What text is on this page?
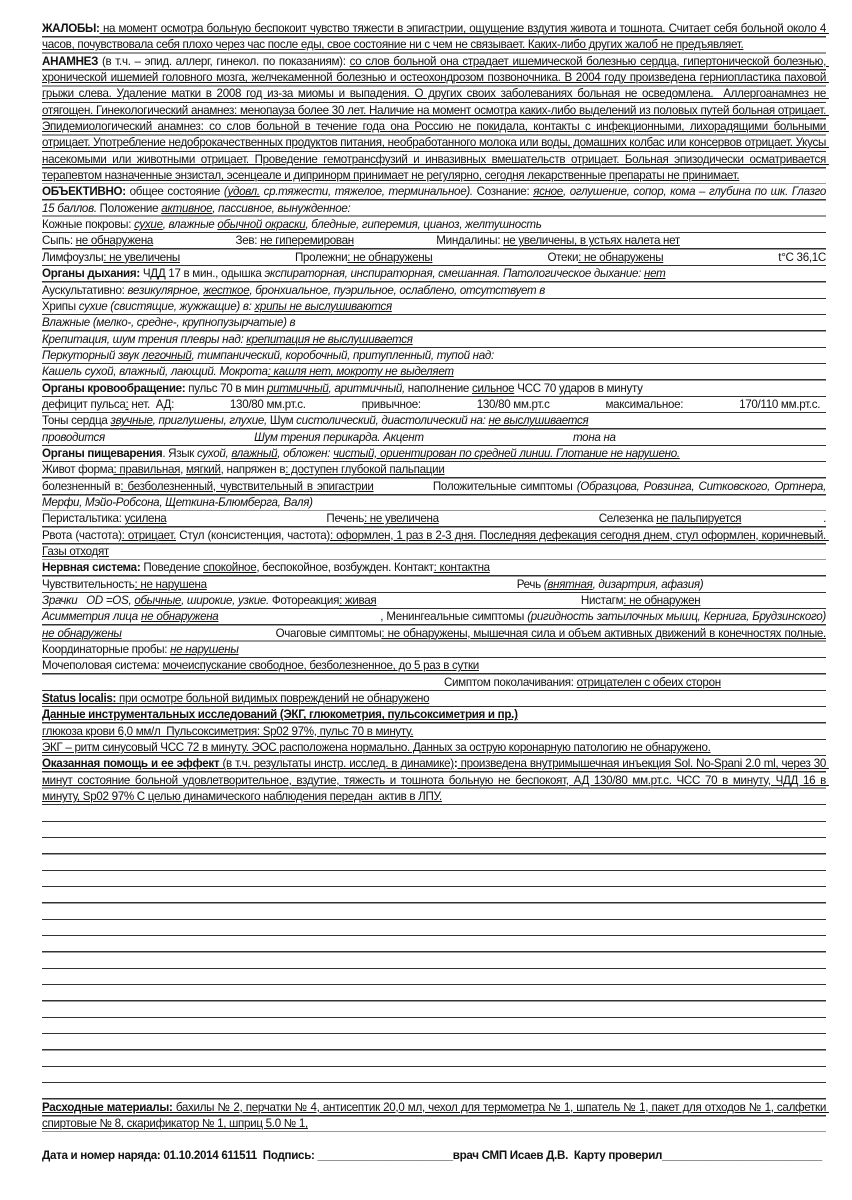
ЖАЛОБЫ: на момент осмотра больную беспокоит чувство тяжести в эпигастрии, ощущение вздутия живота и тошнота. Считает себя больной около 4 часов, почувствовала себя плохо через час после еды, свое состояние ни с чем не связывает. Каких-либо других жалоб не предъявляет.
АНАМНЕЗ (в т.ч. – эпид. аллерг, гинекол. по показаниям): со слов больной она страдает ишемической болезнью сердца, гипертонической болезнью, хронической ишемией головного мозга, желчекаменной болезнью и остеохондрозом позвоночника. В 2004 году произведена герниопластика паховой грыжи слева. Удаление матки в 2008 год из-за миомы и выпадения. О других своих заболеваниях больная не осведомлена.  Аллергоанамнез не отягощен. Гинекологический анамнез: менопауза более 30 лет. Наличие на момент осмотра каких-либо выделений из половых путей больная отрицает. Эпидемиологический анамнез: со слов больной в течение года она Россию не покидала, контакты с инфекционными, лихорадящими больными отрицает. Употребление недоброкачественных продуктов питания, необработанного молока или воды, домашних колбас или консервов отрицает. Укусы насекомыми или животными отрицает. Проведение гемотрансфузий и инвазивных вмешательств отрицает. Больная эпизодически осматривается терапевтом назначенные энзистал, эсенцеале и дипринорм принимает не регулярно, сегодня лекарственные препараты не принимает.
ОБЪЕКТИВНО: общее состояние (удовл. ср.тяжести, тяжелое, терминальное). Сознание: ясное, оглушение, сопор, кома – глубина по шк. Глазго 15 баллов. Положение активное, пассивное, вынужденное:
Кожные покровы: сухие, влажные обычной окраски, бледные, гиперемия, цианоз, желтушность
Сыпь: не обнаружена	Зев: не гиперемирован	Миндалины: не увеличены, в устьях налета нет
Лимфоузлы: не увеличены	Пролежни: не обнаружены	Отеки: не обнаружены	t°C 36,1C
Органы дыхания: ЧДД 17 в мин., одышка экспираторная, инспираторная, смешанная. Патологическое дыхание: нет
Аускультативно: везикулярное, жесткое, бронхиальное, пуэрильное, ослаблено, отсутствует в
Хрипы сухие (свистящие, жужжащие) в: хрипы не выслушиваются
Влажные (мелко-, средне-, крупнопузырчатые) в
Крепитация, шум трения плевры над: крепитация не выслушивается
Перкуторный звук легочный, тимпанический, коробочный, притупленный, тупой над:
Кашель сухой, влажный, лающий. Мокрота: кашля нет, мокроту не выделяет
Органы кровообращение: пульс 70 в мин ритмичный, аритмичный, наполнение сильное ЧСС 70 ударов в минуту
дефицит пульса: нет.  АД:	130/80 мм.рт.с.	привычное:	130/80 мм.рт.с	максимальное:	170/110 мм.рт.с.
Тоны сердца звучные, приглушены, глухие, Шум систолический, диастолический на: не выслушивается
проводится	Шум трения перикарда. Акцент	тона на
Органы пищеварения. Язык сухой, влажный, обложен: чистый, ориентирован по средней линии. Глотание не нарушено.
Живот форма: правильная, мягкий, напряжен в: доступен глубокой пальпации
болезненный в: безболезненный, чувствительный в эпигастрии              Положительные симптомы (Образцова, Ровзинга, Ситковского, Ортнера, Мерфи, Мэйо-Робсона, Щеткина-Блюмберга, Валя)
Перистальтика: усилена	Печень: не увеличена	Селезенка не пальпируется                            .
Рвота (частота): отрицает. Стул (консистенция, частота): оформлен, 1 раз в 2-3 дня. Последняя дефекация сегодня днем, стул оформлен, коричневый. Газы отходят
Нервная система: Поведение спокойное, беспокойное, возбужден. Контакт: контактна
Чувствительность: не нарушена	Речь (внятная, дизартрия, афазия)
Зрачки   OD =OS, обычные, широкие, узкие. Фотореакция: живая	Нистагм: не обнаружен
Асимметрия лица не обнаружена                                                   , Менингеальные симптомы (ригидность затылочных мышц, Кернига, Брудзинского)  не обнаружены                                               Очаговые симптомы: не обнаружены, мышечная сила и объем активных движений в конечностях полные. Координаторные пробы: не нарушены
Мочеполовая система: мочеиспускание свободное, безболезненное, до 5 раз в сутки
Симптом поколачивания: отрицателен с обеих сторон
Status localis: при осмотре больной видимых повреждений не обнаружено
Данные инструментальных исследований (ЭКГ, глюкометрия, пульсоксиметрия и пр.)
глюкоза крови 6,0 мм/л  Пульсоксиметрия: Sp02 97%, пульс 70 в минуту.
ЭКГ – ритм синусовый ЧСС 72 в минуту. ЭОС расположена нормально. Данных за острую коронарную патологию не обнаружено.
Оказанная помощь и ее эффект (в т.ч. результаты инстр. исслед. в динамике): произведена внутримышечная инъекция Sol. No-Spani 2.0 ml, через 30 минут состояние больной удовлетворительное, вздутие, тяжесть и тошнота больную не беспокоят, АД 130/80 мм.рт.с. ЧСС 70 в минуту, ЧДД 16 в минуту, Sp02 97% С целью динамического наблюдения передан  актив в ЛПУ.
Расходные материалы: бахилы № 2, перчатки № 4, антисептик 20,0 мл, чехол для термометра № 1, шпатель № 1, пакет для отходов № 1, салфетки спиртовые № 8, скарификатор № 1, шприц 5.0 № 1,
Дата и номер наряда: 01.10.2014 611511  Подпись: ______________________врач СМП Исаев Д.В.  Карту проверил__________________________
